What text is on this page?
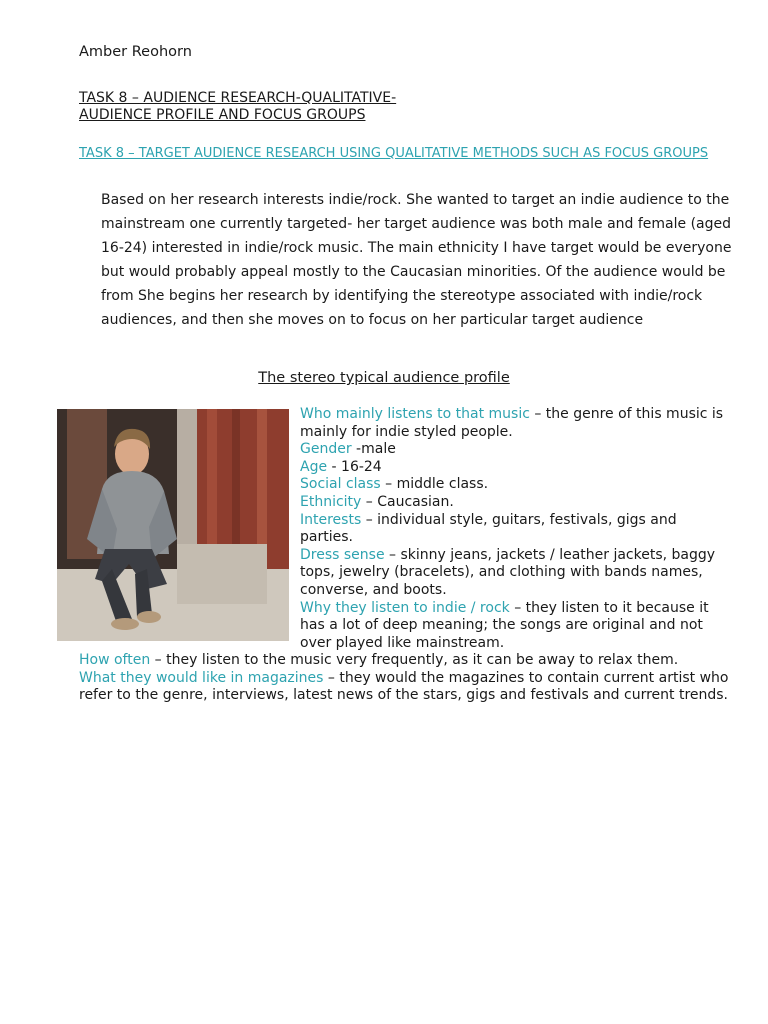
Amber Reohorn
TASK 8 – AUDIENCE RESEARCH-QUALITATIVE-
AUDIENCE PROFILE AND FOCUS GROUPS
TASK 8 – TARGET AUDIENCE RESEARCH USING QUALITATIVE METHODS SUCH AS FOCUS GROUPS
Based on her research interests indie/rock. She wanted to target an indie audience to the mainstream one currently targeted- her target audience was both male and female (aged 16-24) interested in indie/rock music. The main ethnicity I have target would be everyone but would probably appeal mostly to the Caucasian minorities. Of the audience would be from She begins her research by identifying the stereotype associated with indie/rock audiences, and then she moves on to focus on her particular target audience
The stereo typical audience profile

Who mainly listens to that music – the genre of this music is mainly for indie styled people.

Gender -male

Age - 16-24

Social class – middle class.

Ethnicity – Caucasian.

Interests – individual style, guitars, festivals, gigs and parties.

Dress sense – skinny jeans, jackets / leather jackets, baggy tops, jewelry (bracelets), and clothing with bands names, converse, and boots.

Why they listen to indie / rock – they listen to it because it has a lot of deep meaning; the songs are original and not over played like mainstream.

How often – they listen to the music very frequently, as it can be away to relax them.

What they would like in magazines – they would the magazines to contain current artist who refer to the genre, interviews, latest news of the stars, gigs and festivals and current trends.
